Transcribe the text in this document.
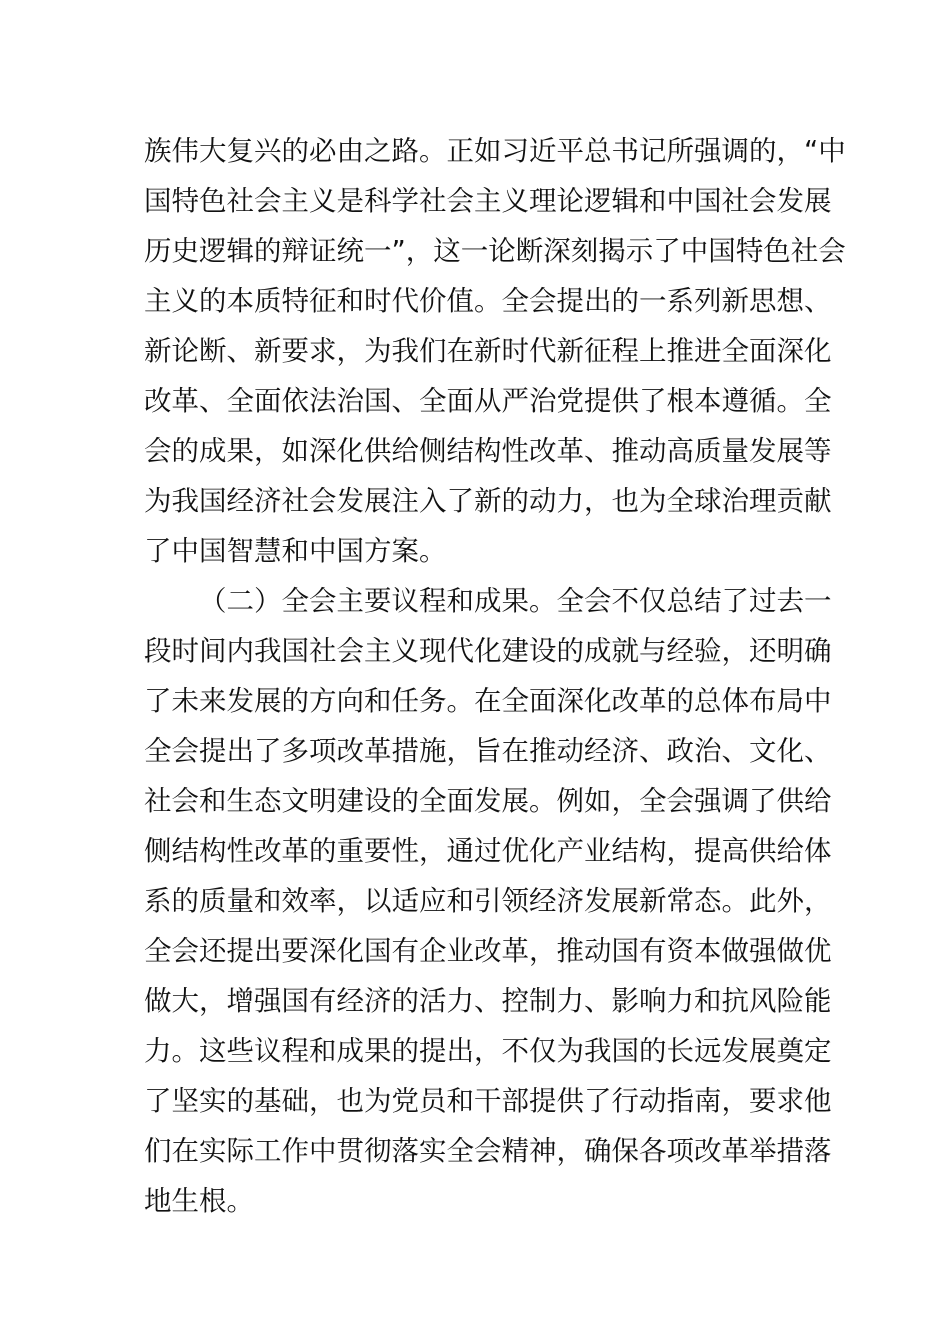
族伟大复兴的必由之路。正如习近平总书记所强调的，“中
国特色社会主义是科学社会主义理论逻辑和中国社会发展
历史逻辑的辩证统一”，这一论断深刻揭示了中国特色社会
主义的本质特征和时代价值。全会提出的一系列新思想、
新论断、新要求，为我们在新时代新征程上推进全面深化
改革、全面依法治国、全面从严治党提供了根本遵循。全
会的成果，如深化供给侧结构性改革、推动高质量发展等
为我国经济社会发展注入了新的动力，也为全球治理贡献
了中国智慧和中国方案。
（二）全会主要议程和成果。全会不仅总结了过去一
段时间内我国社会主义现代化建设的成就与经验，还明确
了未来发展的方向和任务。在全面深化改革的总体布局中
全会提出了多项改革措施，旨在推动经济、政治、文化、
社会和生态文明建设的全面发展。例如，全会强调了供给
侧结构性改革的重要性，通过优化产业结构，提高供给体
系的质量和效率，以适应和引领经济发展新常态。此外，
全会还提出要深化国有企业改革，推动国有资本做强做优
做大，增强国有经济的活力、控制力、影响力和抗风险能
力。这些议程和成果的提出，不仅为我国的长远发展奠定
了坚实的基础，也为党员和干部提供了行动指南，要求他
们在实际工作中贯彻落实全会精神，确保各项改革举措落
地生根。
